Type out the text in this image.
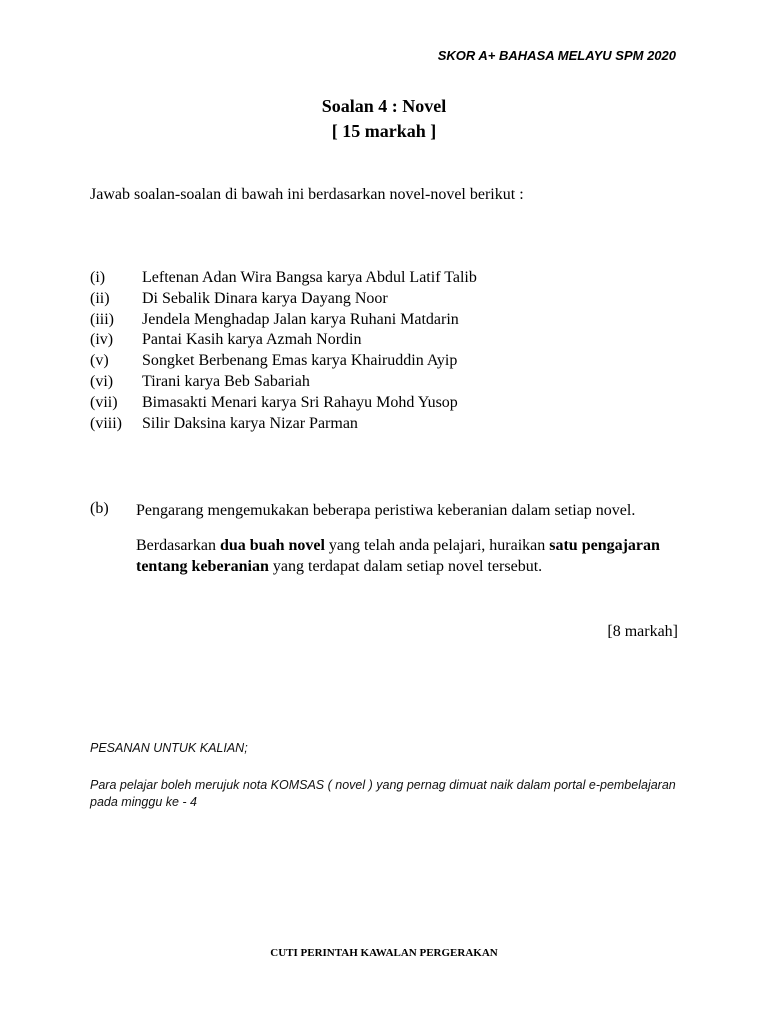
SKOR A+ BAHASA MELAYU SPM 2020
Soalan 4 : Novel
[ 15 markah ]
Jawab soalan-soalan di bawah ini berdasarkan novel-novel berikut :
(i)	Leftenan Adan Wira Bangsa karya Abdul Latif Talib
(ii)	Di Sebalik Dinara karya Dayang Noor
(iii)	Jendela Menghadap Jalan karya Ruhani Matdarin
(iv)	Pantai Kasih karya Azmah Nordin
(v)	Songket Berbenang Emas karya Khairuddin Ayip
(vi)	Tirani karya Beb Sabariah
(vii)	Bimasakti Menari karya Sri Rahayu Mohd Yusop
(viii)	Silir Daksina karya Nizar Parman
(b) Pengarang mengemukakan beberapa peristiwa keberanian dalam setiap novel.
Berdasarkan dua buah novel yang telah anda pelajari, huraikan satu pengajaran tentang keberanian yang terdapat dalam setiap novel tersebut.
[8 markah]
PESANAN UNTUK KALIAN;
Para pelajar boleh merujuk nota KOMSAS ( novel ) yang pernag dimuat naik dalam portal e-pembelajaran pada minggu ke - 4
CUTI PERINTAH KAWALAN PERGERAKAN
